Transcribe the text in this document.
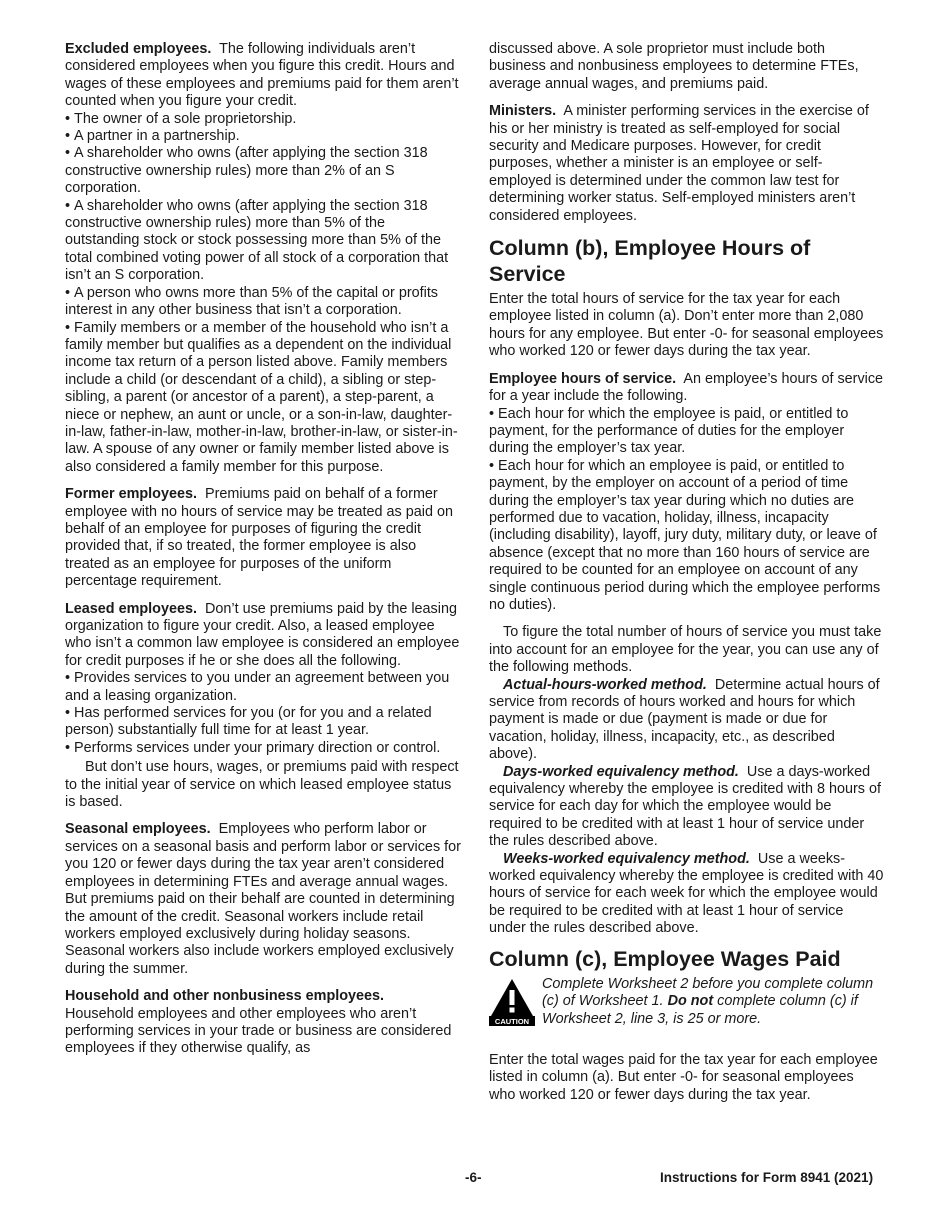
Excluded employees. The following individuals aren’t considered employees when you figure this credit. Hours and wages of these employees and premiums paid for them aren’t counted when you figure your credit.

• The owner of a sole proprietorship.

• A partner in a partnership.

• A shareholder who owns (after applying the section 318 constructive ownership rules) more than 2% of an S corporation.

• A shareholder who owns (after applying the section 318 constructive ownership rules) more than 5% of the outstanding stock or stock possessing more than 5% of the total combined voting power of all stock of a corporation that isn’t an S corporation.

• A person who owns more than 5% of the capital or profits interest in any other business that isn’t a corporation.

• Family members or a member of the household who isn’t a family member but qualifies as a dependent on the individual income tax return of a person listed above. Family members include a child (or descendant of a child), a sibling or step-sibling, a parent (or ancestor of a parent), a step-parent, a niece or nephew, an aunt or uncle, or a son-in-law, daughter-in-law, father-in-law, mother-in-law, brother-in-law, or sister-in-law. A spouse of any owner or family member listed above is also considered a family member for this purpose.

Former employees. Premiums paid on behalf of a former employee with no hours of service may be treated as paid on behalf of an employee for purposes of figuring the credit provided that, if so treated, the former employee is also treated as an employee for purposes of the uniform percentage requirement.

Leased employees. Don’t use premiums paid by the leasing organization to figure your credit. Also, a leased employee who isn’t a common law employee is considered an employee for credit purposes if he or she does all the following.

• Provides services to you under an agreement between you and a leasing organization.

• Has performed services for you (or for you and a related person) substantially full time for at least 1 year.

• Performs services under your primary direction or control.

But don’t use hours, wages, or premiums paid with respect to the initial year of service on which leased employee status is based.

Seasonal employees. Employees who perform labor or services on a seasonal basis and perform labor or services for you 120 or fewer days during the tax year aren’t considered employees in determining FTEs and average annual wages. But premiums paid on their behalf are counted in determining the amount of the credit. Seasonal workers include retail workers employed exclusively during holiday seasons. Seasonal workers also include workers employed exclusively during the summer.

Household and other nonbusiness employees.
Household employees and other employees who aren’t performing services in your trade or business are considered employees if they otherwise qualify, as

discussed above. A sole proprietor must include both business and nonbusiness employees to determine FTEs, average annual wages, and premiums paid.

Ministers. A minister performing services in the exercise of his or her ministry is treated as self-employed for social security and Medicare purposes. However, for credit purposes, whether a minister is an employee or self-employed is determined under the common law test for determining worker status. Self-employed ministers aren’t considered employees.

Column (b), Employee Hours of Service

Enter the total hours of service for the tax year for each employee listed in column (a). Don’t enter more than 2,080 hours for any employee. But enter -0- for seasonal employees who worked 120 or fewer days during the tax year.

Employee hours of service. An employee’s hours of service for a year include the following.

• Each hour for which the employee is paid, or entitled to payment, for the performance of duties for the employer during the employer’s tax year.

• Each hour for which an employee is paid, or entitled to payment, by the employer on account of a period of time during the employer’s tax year during which no duties are performed due to vacation, holiday, illness, incapacity (including disability), layoff, jury duty, military duty, or leave of absence (except that no more than 160 hours of service are required to be counted for an employee on account of any single continuous period during which the employee performs no duties).

To figure the total number of hours of service you must take into account for an employee for the year, you can use any of the following methods.

Actual-hours-worked method. Determine actual hours of service from records of hours worked and hours for which payment is made or due (payment is made or due for vacation, holiday, illness, incapacity, etc., as described above).

Days-worked equivalency method. Use a days-worked equivalency whereby the employee is credited with 8 hours of service for each day for which the employee would be required to be credited with at least 1 hour of service under the rules described above.

Weeks-worked equivalency method. Use a weeks-worked equivalency whereby the employee is credited with 40 hours of service for each week for which the employee would be required to be credited with at least 1 hour of service under the rules described above.

Column (c), Employee Wages Paid
CAUTION
Complete Worksheet 2 before you complete column (c) of Worksheet 1. Do not complete column (c) if Worksheet 2, line 3, is 25 or more.

Enter the total wages paid for the tax year for each employee listed in column (a). But enter -0- for seasonal employees who worked 120 or fewer days during the tax year.

-6-	Instructions for Form 8941 (2021)
